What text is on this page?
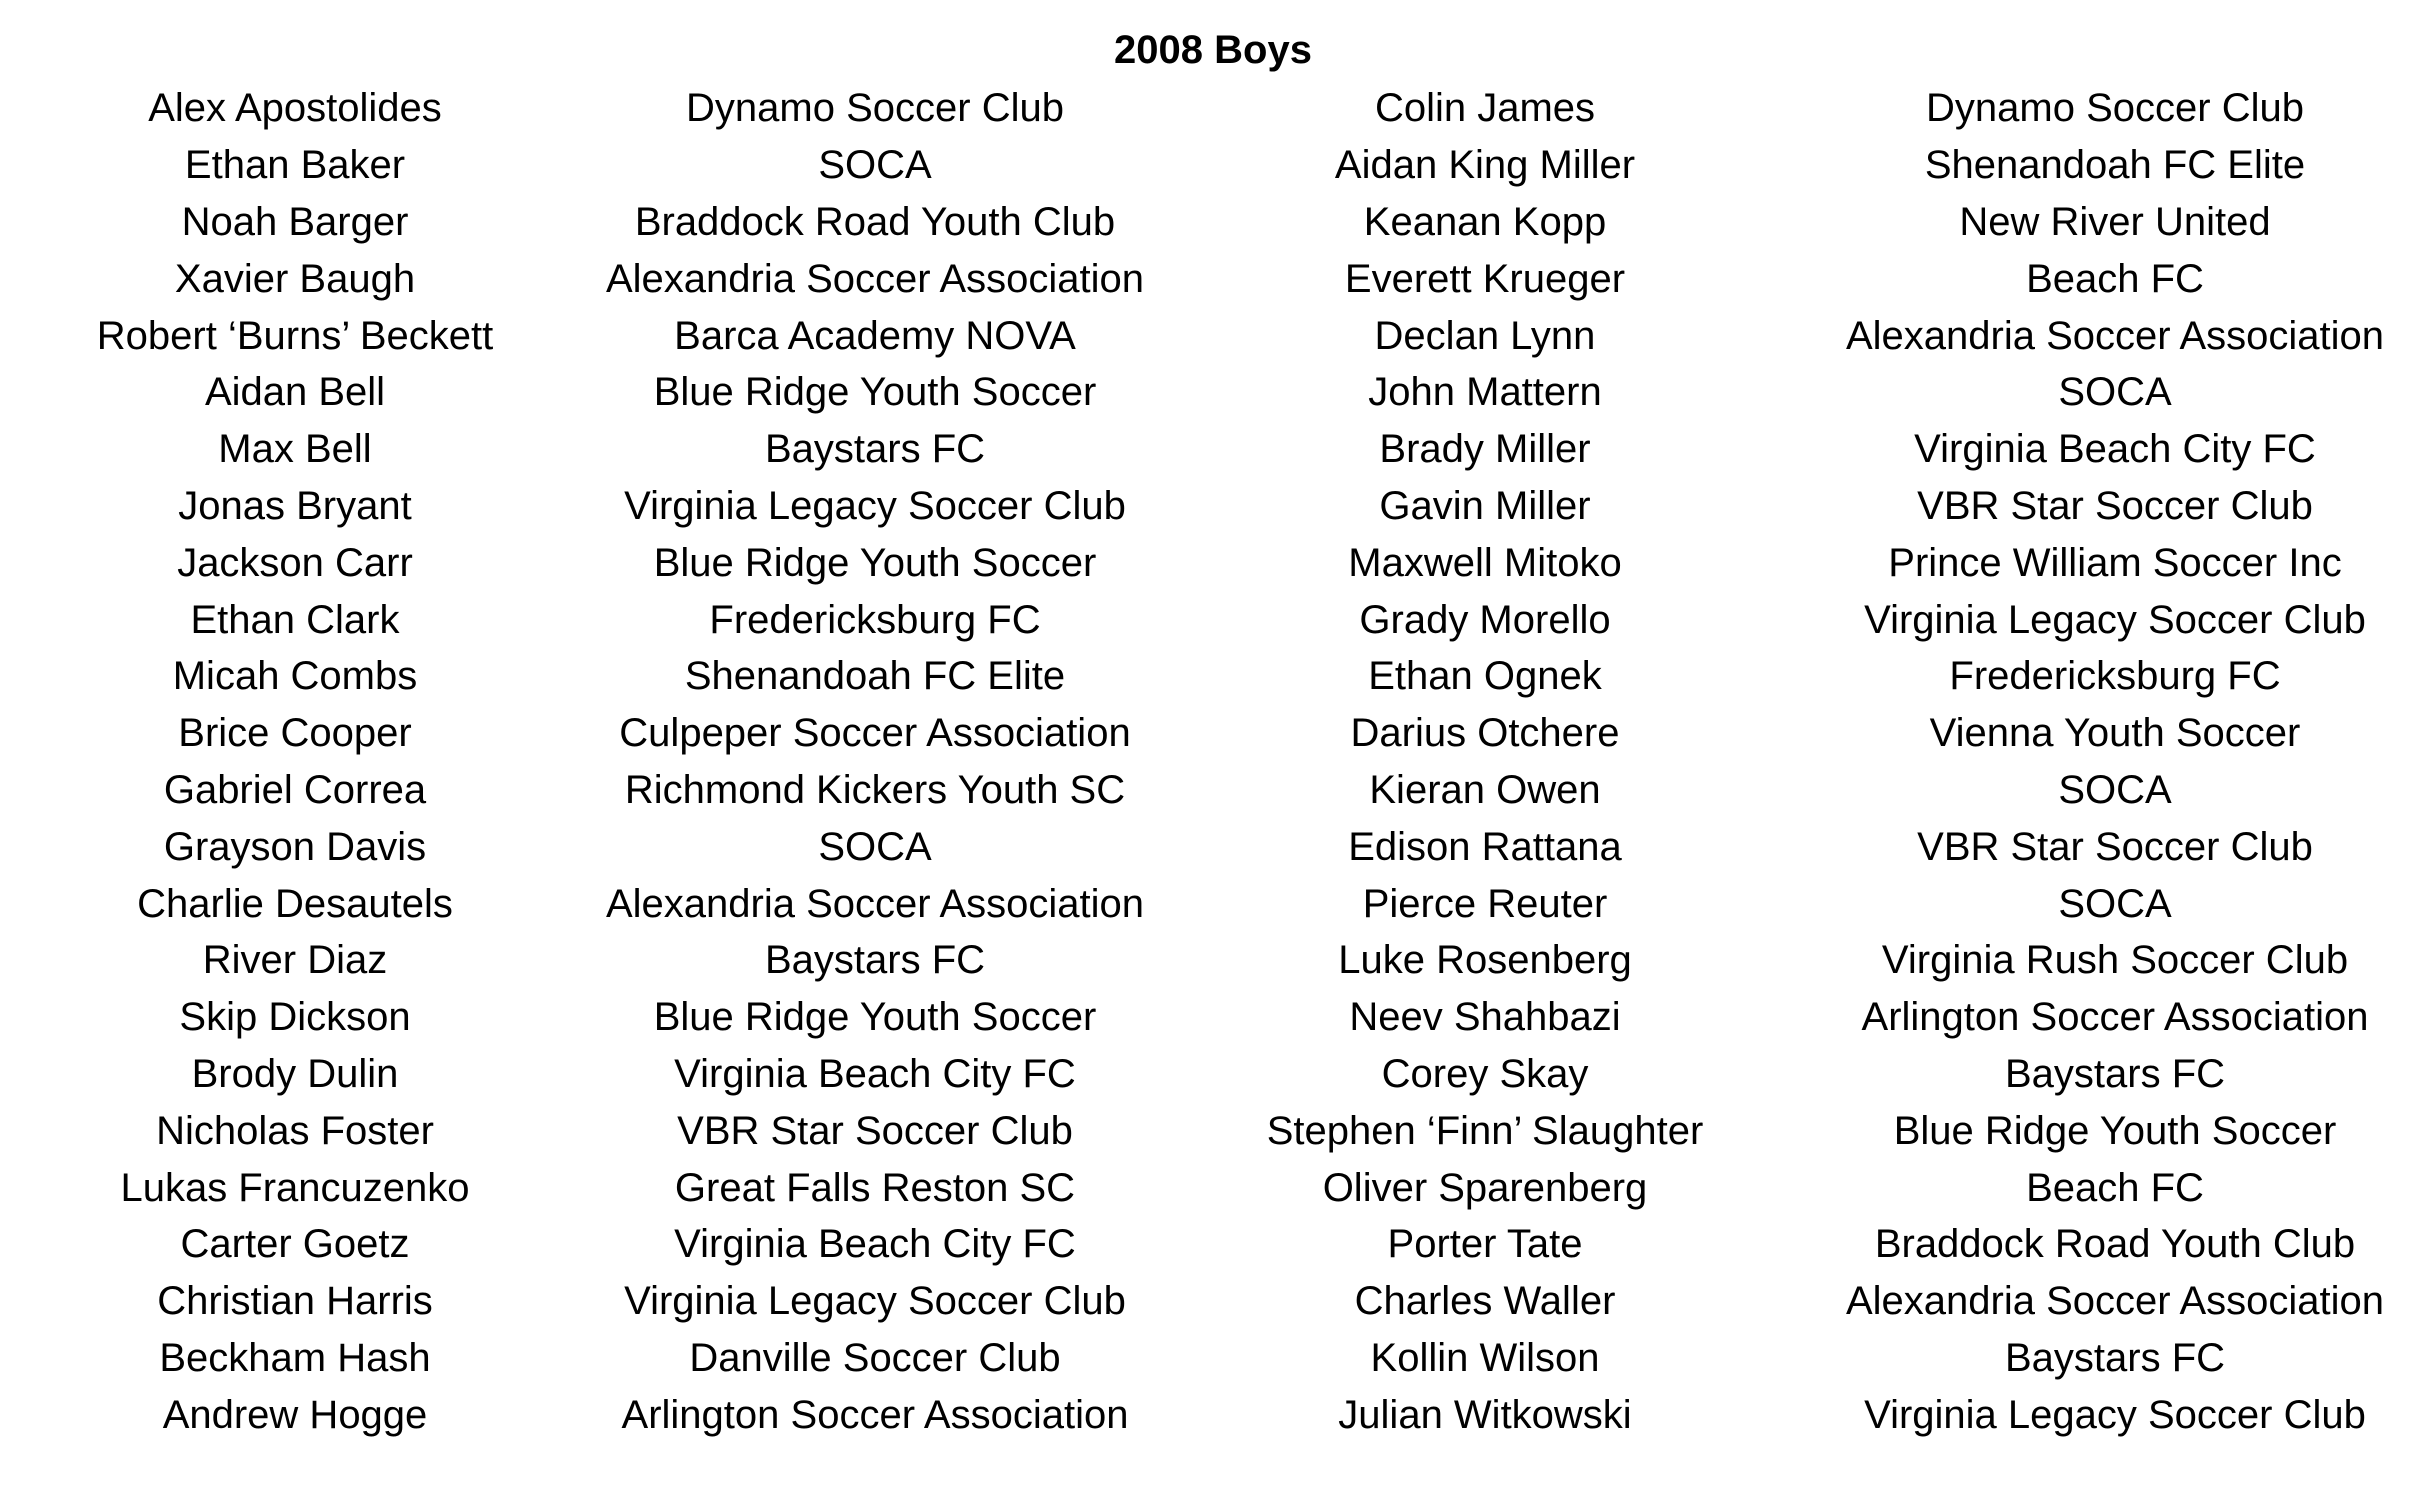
2008 Boys
Alex Apostolides	Dynamo Soccer Club	Colin James	Dynamo Soccer Club
Ethan Baker	SOCA	Aidan King Miller	Shenandoah FC Elite
Noah Barger	Braddock Road Youth Club	Keanan Kopp	New River United
Xavier Baugh	Alexandria Soccer Association	Everett Krueger	Beach FC
Robert ‘Burns’ Beckett	Barca Academy NOVA	Declan Lynn	Alexandria Soccer Association
Aidan Bell	Blue Ridge Youth Soccer	John Mattern	SOCA
Max Bell	Baystars FC	Brady Miller	Virginia Beach City FC
Jonas Bryant	Virginia Legacy Soccer Club	Gavin Miller	VBR Star Soccer Club
Jackson Carr	Blue Ridge Youth Soccer	Maxwell Mitoko	Prince William Soccer Inc
Ethan Clark	Fredericksburg FC	Grady Morello	Virginia Legacy Soccer Club
Micah Combs	Shenandoah FC Elite	Ethan Ognek	Fredericksburg FC
Brice Cooper	Culpeper Soccer Association	Darius Otchere	Vienna Youth Soccer
Gabriel Correa	Richmond Kickers Youth SC	Kieran Owen	SOCA
Grayson Davis	SOCA	Edison Rattana	VBR Star Soccer Club
Charlie Desautels	Alexandria Soccer Association	Pierce Reuter	SOCA
River Diaz	Baystars FC	Luke Rosenberg	Virginia Rush Soccer Club
Skip Dickson	Blue Ridge Youth Soccer	Neev Shahbazi	Arlington Soccer Association
Brody Dulin	Virginia Beach City FC	Corey Skay	Baystars FC
Nicholas Foster	VBR Star Soccer Club	Stephen ‘Finn’ Slaughter	Blue Ridge Youth Soccer
Lukas Francuzenko	Great Falls Reston SC	Oliver Sparenberg	Beach FC
Carter Goetz	Virginia Beach City FC	Porter Tate	Braddock Road Youth Club
Christian Harris	Virginia Legacy Soccer Club	Charles Waller	Alexandria Soccer Association
Beckham Hash	Danville Soccer Club	Kollin Wilson	Baystars FC
Andrew Hogge	Arlington Soccer Association	Julian Witkowski	Virginia Legacy Soccer Club
